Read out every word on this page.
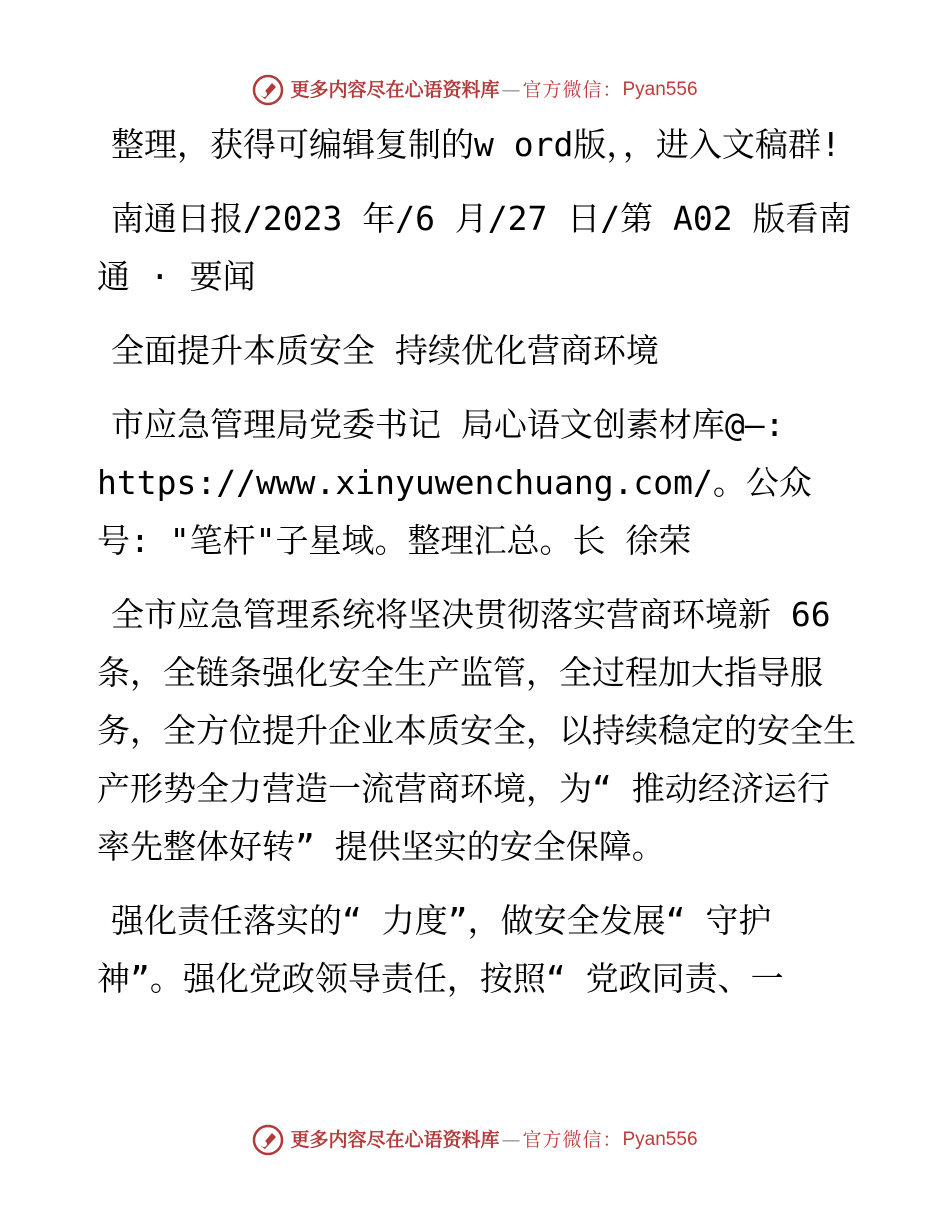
更多内容尽在心语资料库 — 官方微信： Pyan556

整理，获得可编辑复制的w ord版，，进入文稿群!

南通日报/2023 年/6 月/27 日/第 A02 版看南通 · 要闻

全面提升本质安全 持续优化营商环境

市应急管理局党委书记 局心语文创素材库@—: https://www.xinyuwenchuang.com/。公众号: "笔杆"子星域。整理汇总。长 徐荣

全市应急管理系统将坚决贯彻落实营商环境新 66 条，全链条强化安全生产监管，全过程加大指导服务，全方位提升企业本质安全，以持续稳定的安全生产形势全力营造一流营商环境，为“ 推动经济运行率先整体好转” 提供坚实的安全保障。

强化责任落实的“ 力度”，做安全发展“ 守护神”。强化党政领导责任，按照“ 党政同责、一

更多内容尽在心语资料库 — 官方微信： Pyan556
